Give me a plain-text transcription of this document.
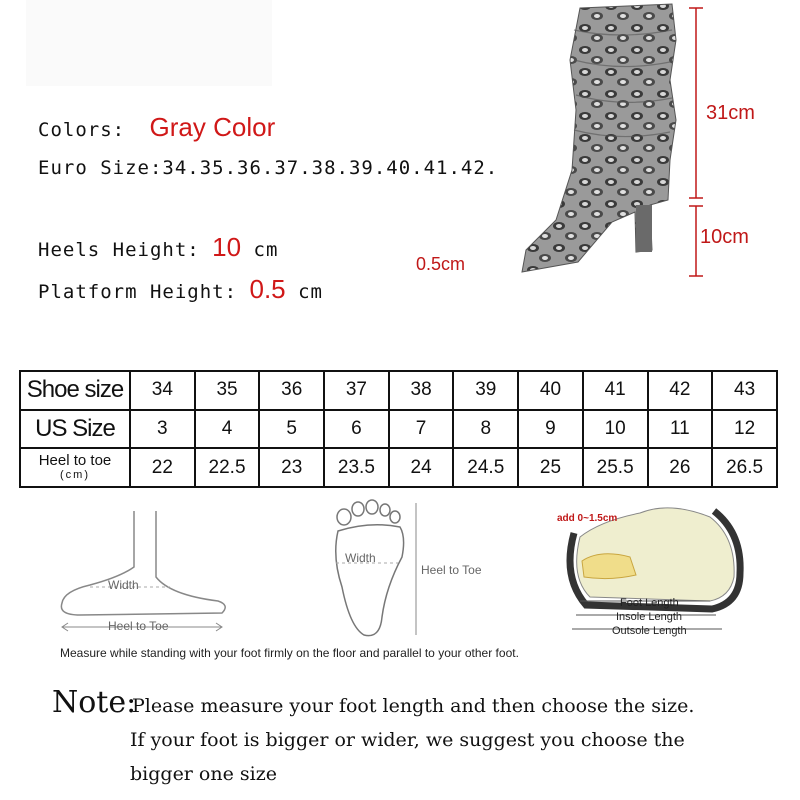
Colors: Gray Color
Euro Size:34.35.36.37.38.39.40.41.42.
Heels Height: 10 cm
Platform Height: 0.5 cm
31cm
10cm
0.5cm
Shoe size	34	35	36	37	38	39	40	41	42	43
US Size	3	4	5	6	7	8	9	10	11	12

Heel to toe
(cm)	22	22.5	23	23.5	24	24.5	25	25.5	26	26.5
Width
Heel to Toe
Width
Heel to Toe
add 0~1.5cm
Foot Length
Insole Length
Outsole Length
Measure while standing with your foot firmly on the floor and parallel to your other foot.
Note:
Please measure your foot length and then choose the size.
If your foot is bigger or wider, we suggest you choose the
bigger one size
